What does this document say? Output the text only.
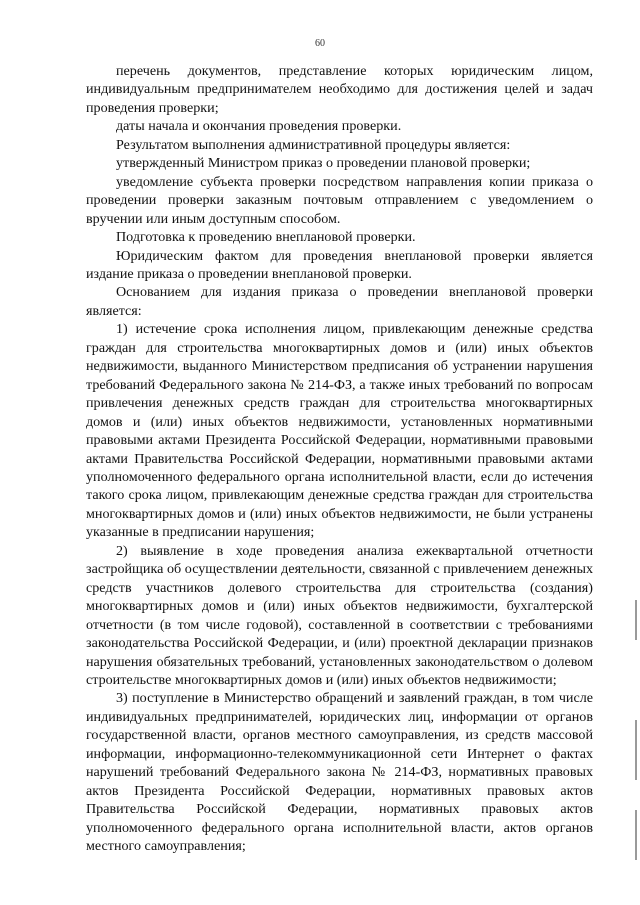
60

перечень документов, представление которых юридическим лицом, индивидуальным предпринимателем необходимо для достижения целей и задач проведения проверки;

даты начала и окончания проведения проверки.

Результатом выполнения административной процедуры является:

утвержденный Министром приказ о проведении плановой проверки;

уведомление субъекта проверки посредством направления копии приказа о проведении проверки заказным почтовым отправлением с уведомлением о вручении или иным доступным способом.

Подготовка к проведению внеплановой проверки.

Юридическим фактом для проведения внеплановой проверки является издание приказа о проведении внеплановой проверки.

Основанием для издания приказа о проведении внеплановой проверки является:

1) истечение срока исполнения лицом, привлекающим денежные средства граждан для строительства многоквартирных домов и (или) иных объектов недвижимости, выданного Министерством предписания об устранении нарушения требований Федерального закона № 214-ФЗ, а также иных требований по вопросам привлечения денежных средств граждан для строительства многоквартирных домов и (или) иных объектов недвижимости, установленных нормативными правовыми актами Президента Российской Федерации, нормативными правовыми актами Правительства Российской Федерации, нормативными правовыми актами уполномоченного федерального органа исполнительной власти, если до истечения такого срока лицом, привлекающим денежные средства граждан для строительства многоквартирных домов и (или) иных объектов недвижимости, не были устранены указанные в предписании нарушения;

2) выявление в ходе проведения анализа ежеквартальной отчетности застройщика об осуществлении деятельности, связанной с привлечением денежных средств участников долевого строительства для строительства (создания) многоквартирных домов и (или) иных объектов недвижимости, бухгалтерской отчетности (в том числе годовой), составленной в соответствии с требованиями законодательства Российской Федерации, и (или) проектной декларации признаков нарушения обязательных требований, установленных законодательством о долевом строительстве многоквартирных домов и (или) иных объектов недвижимости;

3) поступление в Министерство обращений и заявлений граждан, в том числе индивидуальных предпринимателей, юридических лиц, информации от органов государственной власти, органов местного самоуправления, из средств массовой информации, информационно-телекоммуникационной сети Интернет о фактах нарушений требований Федерального закона № 214-ФЗ, нормативных правовых актов Президента Российской Федерации, нормативных правовых актов Правительства Российской Федерации, нормативных правовых актов уполномоченного федерального органа исполнительной власти, актов органов местного самоуправления;
